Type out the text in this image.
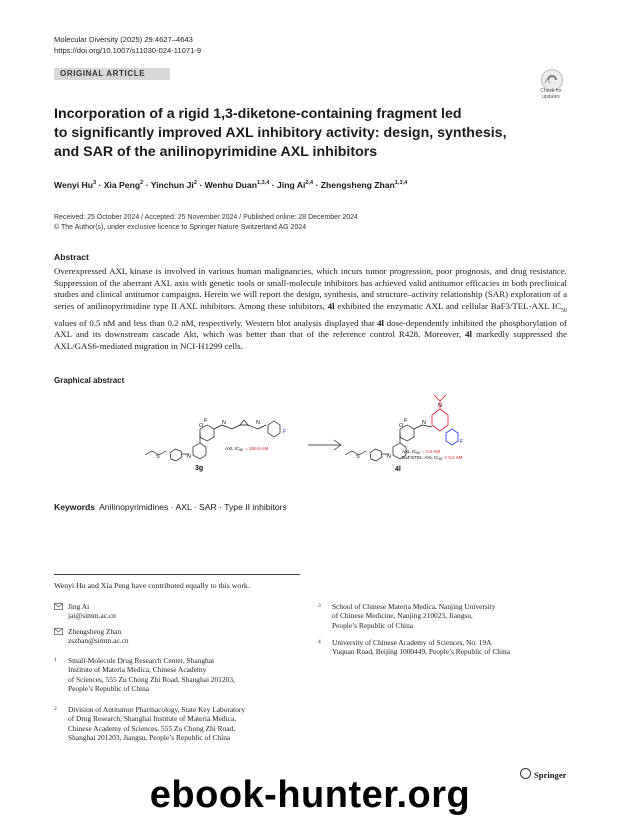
Molecular Diversity (2025) 29:4627–4643
https://doi.org/10.1007/s11030-024-11071-9
ORIGINAL ARTICLE
Check for
updates
Incorporation of a rigid 1,3-diketone-containing fragment led
to significantly improved AXL inhibitory activity: design, synthesis,
and SAR of the anilinopyrimidine AXL inhibitors
Wenyi $Hu^3$ · Xia Peng$^2$ · Yinchun $Ji^2$ · Wenhu Duan$^{1,3,4}$ · Jing Ai$^{2,4}$ · Zhengsheng Zhan$^{1,3,4}$
Received: 25 October 2024 / Accepted: 25 November 2024 / Published online: 28 December 2024
© The Author(s), under exclusive licence to Springer Nature Switzerland AG 2024
Abstract
Overexpressed AXL kinase is involved in various human malignancies, which incurs tumor progression, poor prognosis, and drug resistance. Suppression of the aberrant AXL axis with genetic tools or small-molecule inhibitors has achieved valid antitumor efficacies in both preclinical studies and clinical antitumor campaigns. Herein we will report the design, synthesis, and structure–activity relationship (SAR) exploration of a series of anilinopyrimidine type II AXL inhibitors. Among these inhibitors, 4l exhibited the enzymatic AXL and cellular BaF3/TEL-AXL $IC_{50}$ values of 0.5 nM and less than 0.2 nM, respectively. Western blot analysis displayed that 4l dose-dependently inhibited the phosphorylation of AXL and its downstream cascade Akt, which was better than that of the reference control R428. Moreover, 4l markedly suppressed the AXL/GAS6-mediated migration in NCI-H1299 cells.
Graphical abstract
S	N
O
F	N	N
F
AXL $IC_{50} = 156.9$ nM
3g
S	N
O
F	N
N
F
AXL $IC_{50} = 0.5$ nM
BaF3/TEL-AXL $IC_{50} < 0.2$ nM
4l
Keywords Anilinopyrimidines · AXL · SAR · Type II inhibitors
Wenyi Hu and Xia Peng have contributed equally to this work.
Jing Ai
jai@simm.ac.cn
Zhengsheng Zhan
zszhan@simm.ac.cn
1 Small-Molecule Drug Research Center, Shanghai
Institute of Materia Medica, Chinese Academy
of Sciences, 555 Zu Chong Zhi Road, Shanghai 201203,
People’s Republic of China
2 Division of Antitumor Pharmacology, State Key Laboratory
of Drug Research, Shanghai Institute of Materia Medica,
Chinese Academy of Sciences, 555 Zu Chong Zhi Road,
Shanghai 201203, Jiangsu, People’s Republic of China
3 School of Chinese Materia Medica, Nanjing University
of Chinese Medicine, Nanjing 210023, Jiangsu,
People’s Republic of China
4 University of Chinese Academy of Sciences, No. 19A
Yuquan Road, Beijing 1000449, People’s Republic of China
Springer
ebook-hunter.org
